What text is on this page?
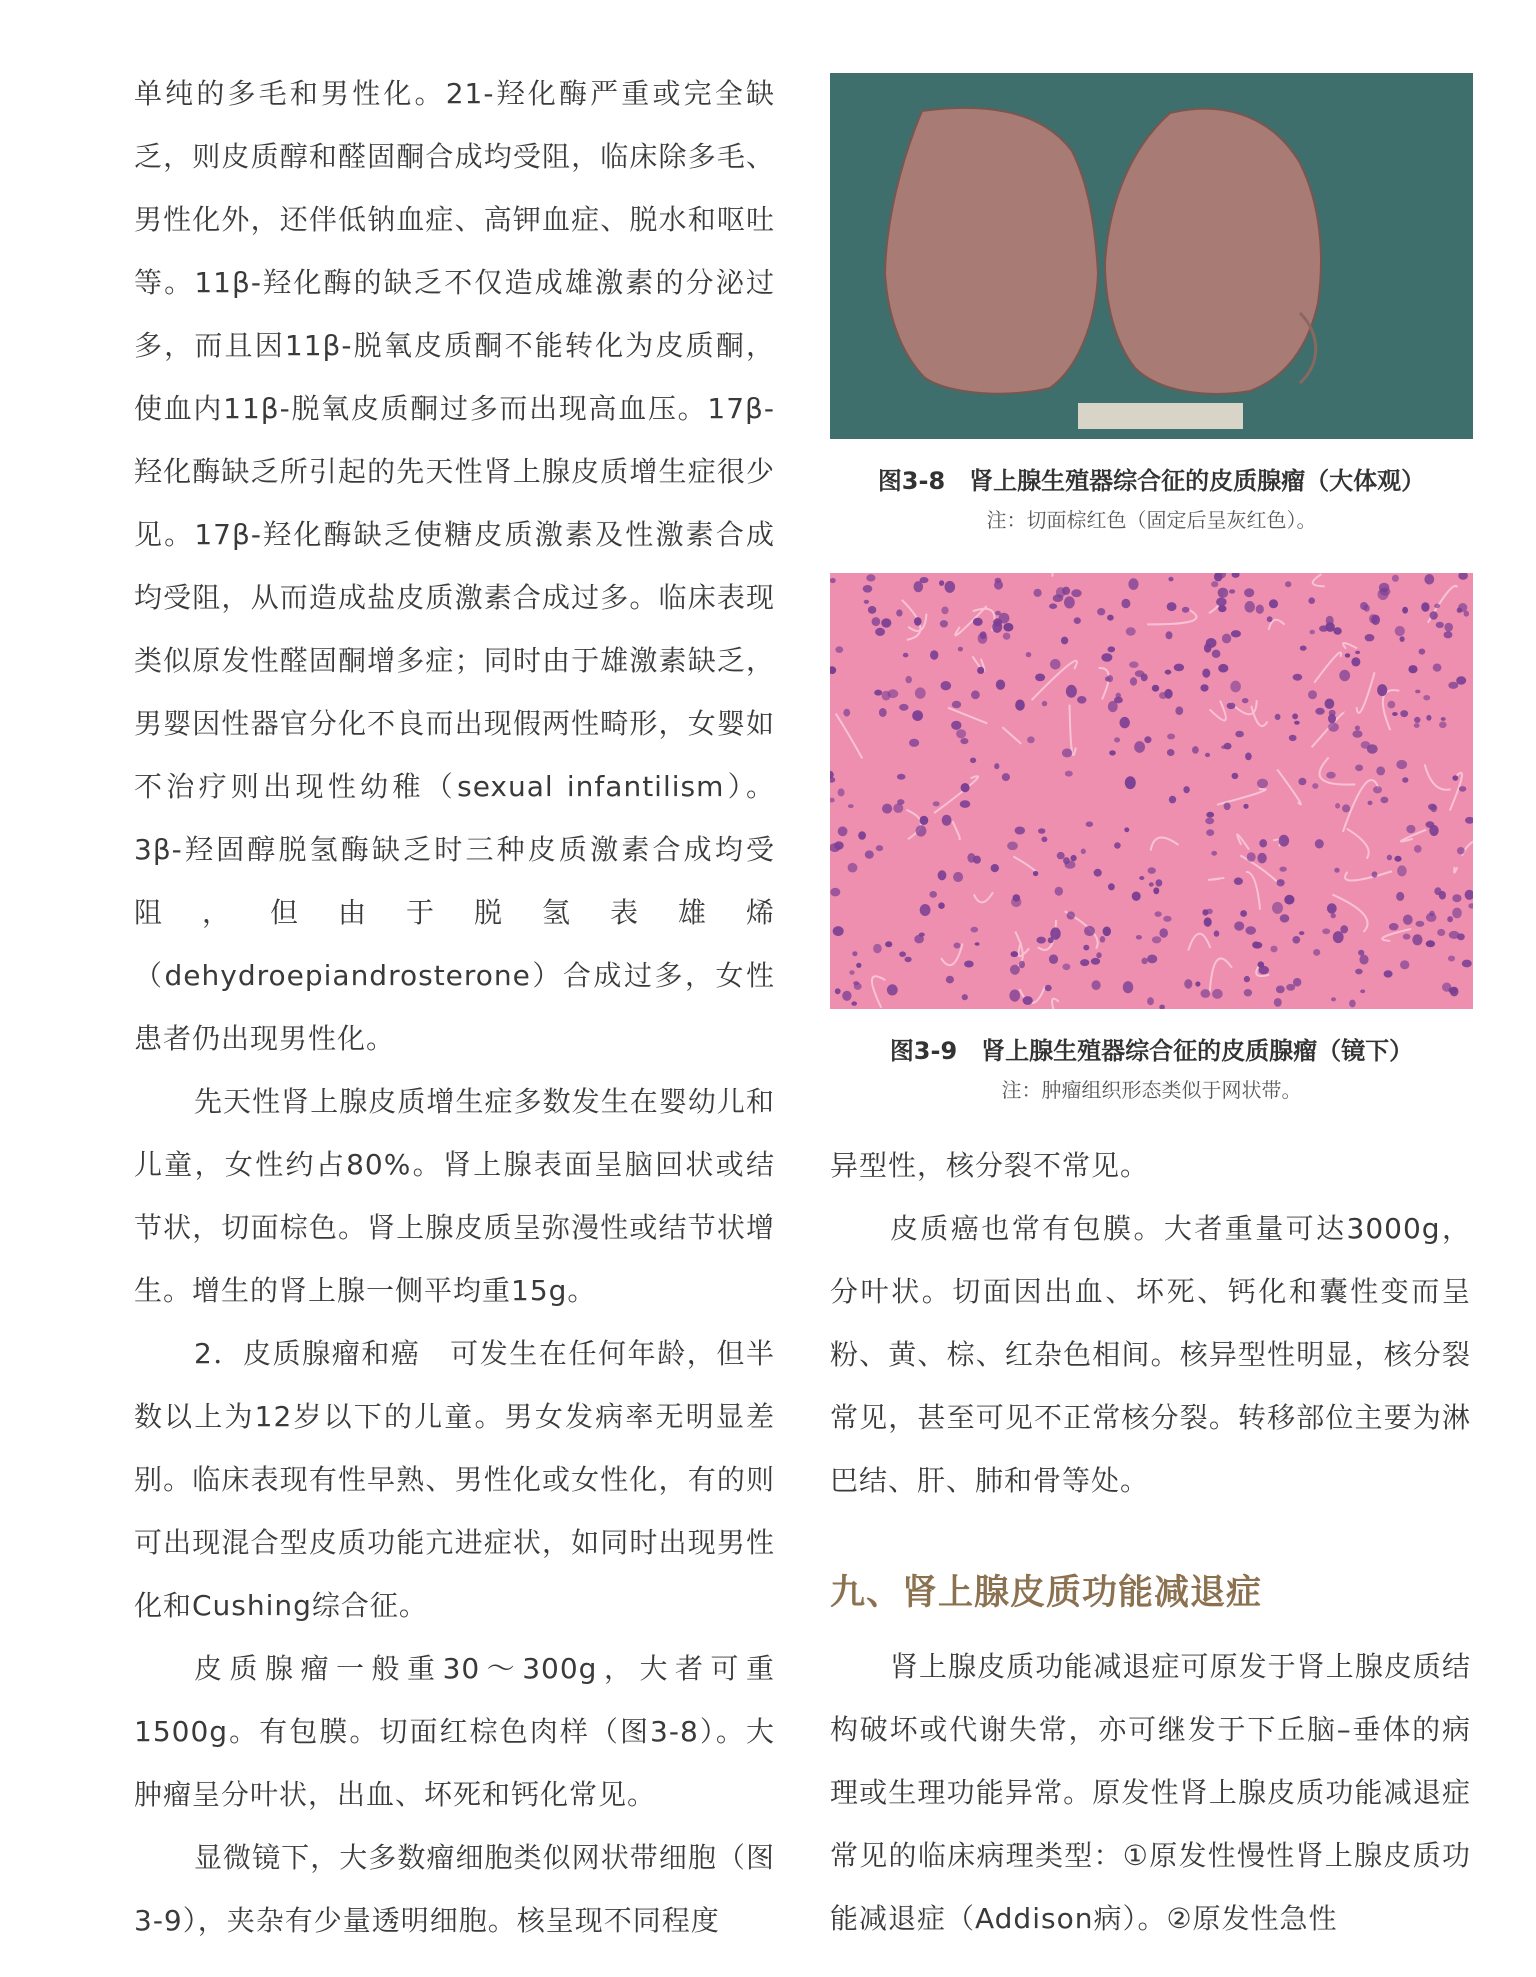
单纯的多毛和男性化。21-羟化酶严重或完全缺乏，则皮质醇和醛固酮合成均受阻，临床除多毛、男性化外，还伴低钠血症、高钾血症、脱水和呕吐等。11β-羟化酶的缺乏不仅造成雄激素的分泌过多，而且因11β-脱氧皮质酮不能转化为皮质酮，使血内11β-脱氧皮质酮过多而出现高血压。17β-羟化酶缺乏所引起的先天性肾上腺皮质增生症很少见。17β-羟化酶缺乏使糖皮质激素及性激素合成均受阻，从而造成盐皮质激素合成过多。临床表现类似原发性醛固酮增多症；同时由于雄激素缺乏，男婴因性器官分化不良而出现假两性畸形，女婴如不治疗则出现性幼稚（sexual infantilism）。3β-羟固醇脱氢酶缺乏时三种皮质激素合成均受阻，但由于脱氢表雄烯（dehydroepiandrosterone）合成过多，女性患者仍出现男性化。

先天性肾上腺皮质增生症多数发生在婴幼儿和儿童，女性约占80%。肾上腺表面呈脑回状或结节状，切面棕色。肾上腺皮质呈弥漫性或结节状增生。增生的肾上腺一侧平均重15g。

2．皮质腺瘤和癌　可发生在任何年龄，但半数以上为12岁以下的儿童。男女发病率无明显差别。临床表现有性早熟、男性化或女性化，有的则可出现混合型皮质功能亢进症状，如同时出现男性化和Cushing综合征。

皮质腺瘤一般重30～300g，大者可重1500g。有包膜。切面红棕色肉样（图3-8）。大肿瘤呈分叶状，出血、坏死和钙化常见。

显微镜下，大多数瘤细胞类似网状带细胞（图3-9），夹杂有少量透明细胞。核呈现不同程度

图3-8　肾上腺生殖器综合征的皮质腺瘤（大体观）
注：切面棕红色（固定后呈灰红色）。
图3-9　肾上腺生殖器综合征的皮质腺瘤（镜下）
注：肿瘤组织形态类似于网状带。

异型性，核分裂不常见。

皮质癌也常有包膜。大者重量可达3000g，分叶状。切面因出血、坏死、钙化和囊性变而呈粉、黄、棕、红杂色相间。核异型性明显，核分裂常见，甚至可见不正常核分裂。转移部位主要为淋巴结、肝、肺和骨等处。

九、肾上腺皮质功能减退症

肾上腺皮质功能减退症可原发于肾上腺皮质结构破坏或代谢失常，亦可继发于下丘脑–垂体的病理或生理功能异常。原发性肾上腺皮质功能减退症常见的临床病理类型：①原发性慢性肾上腺皮质功能减退症（Addison病）。②原发性急性
